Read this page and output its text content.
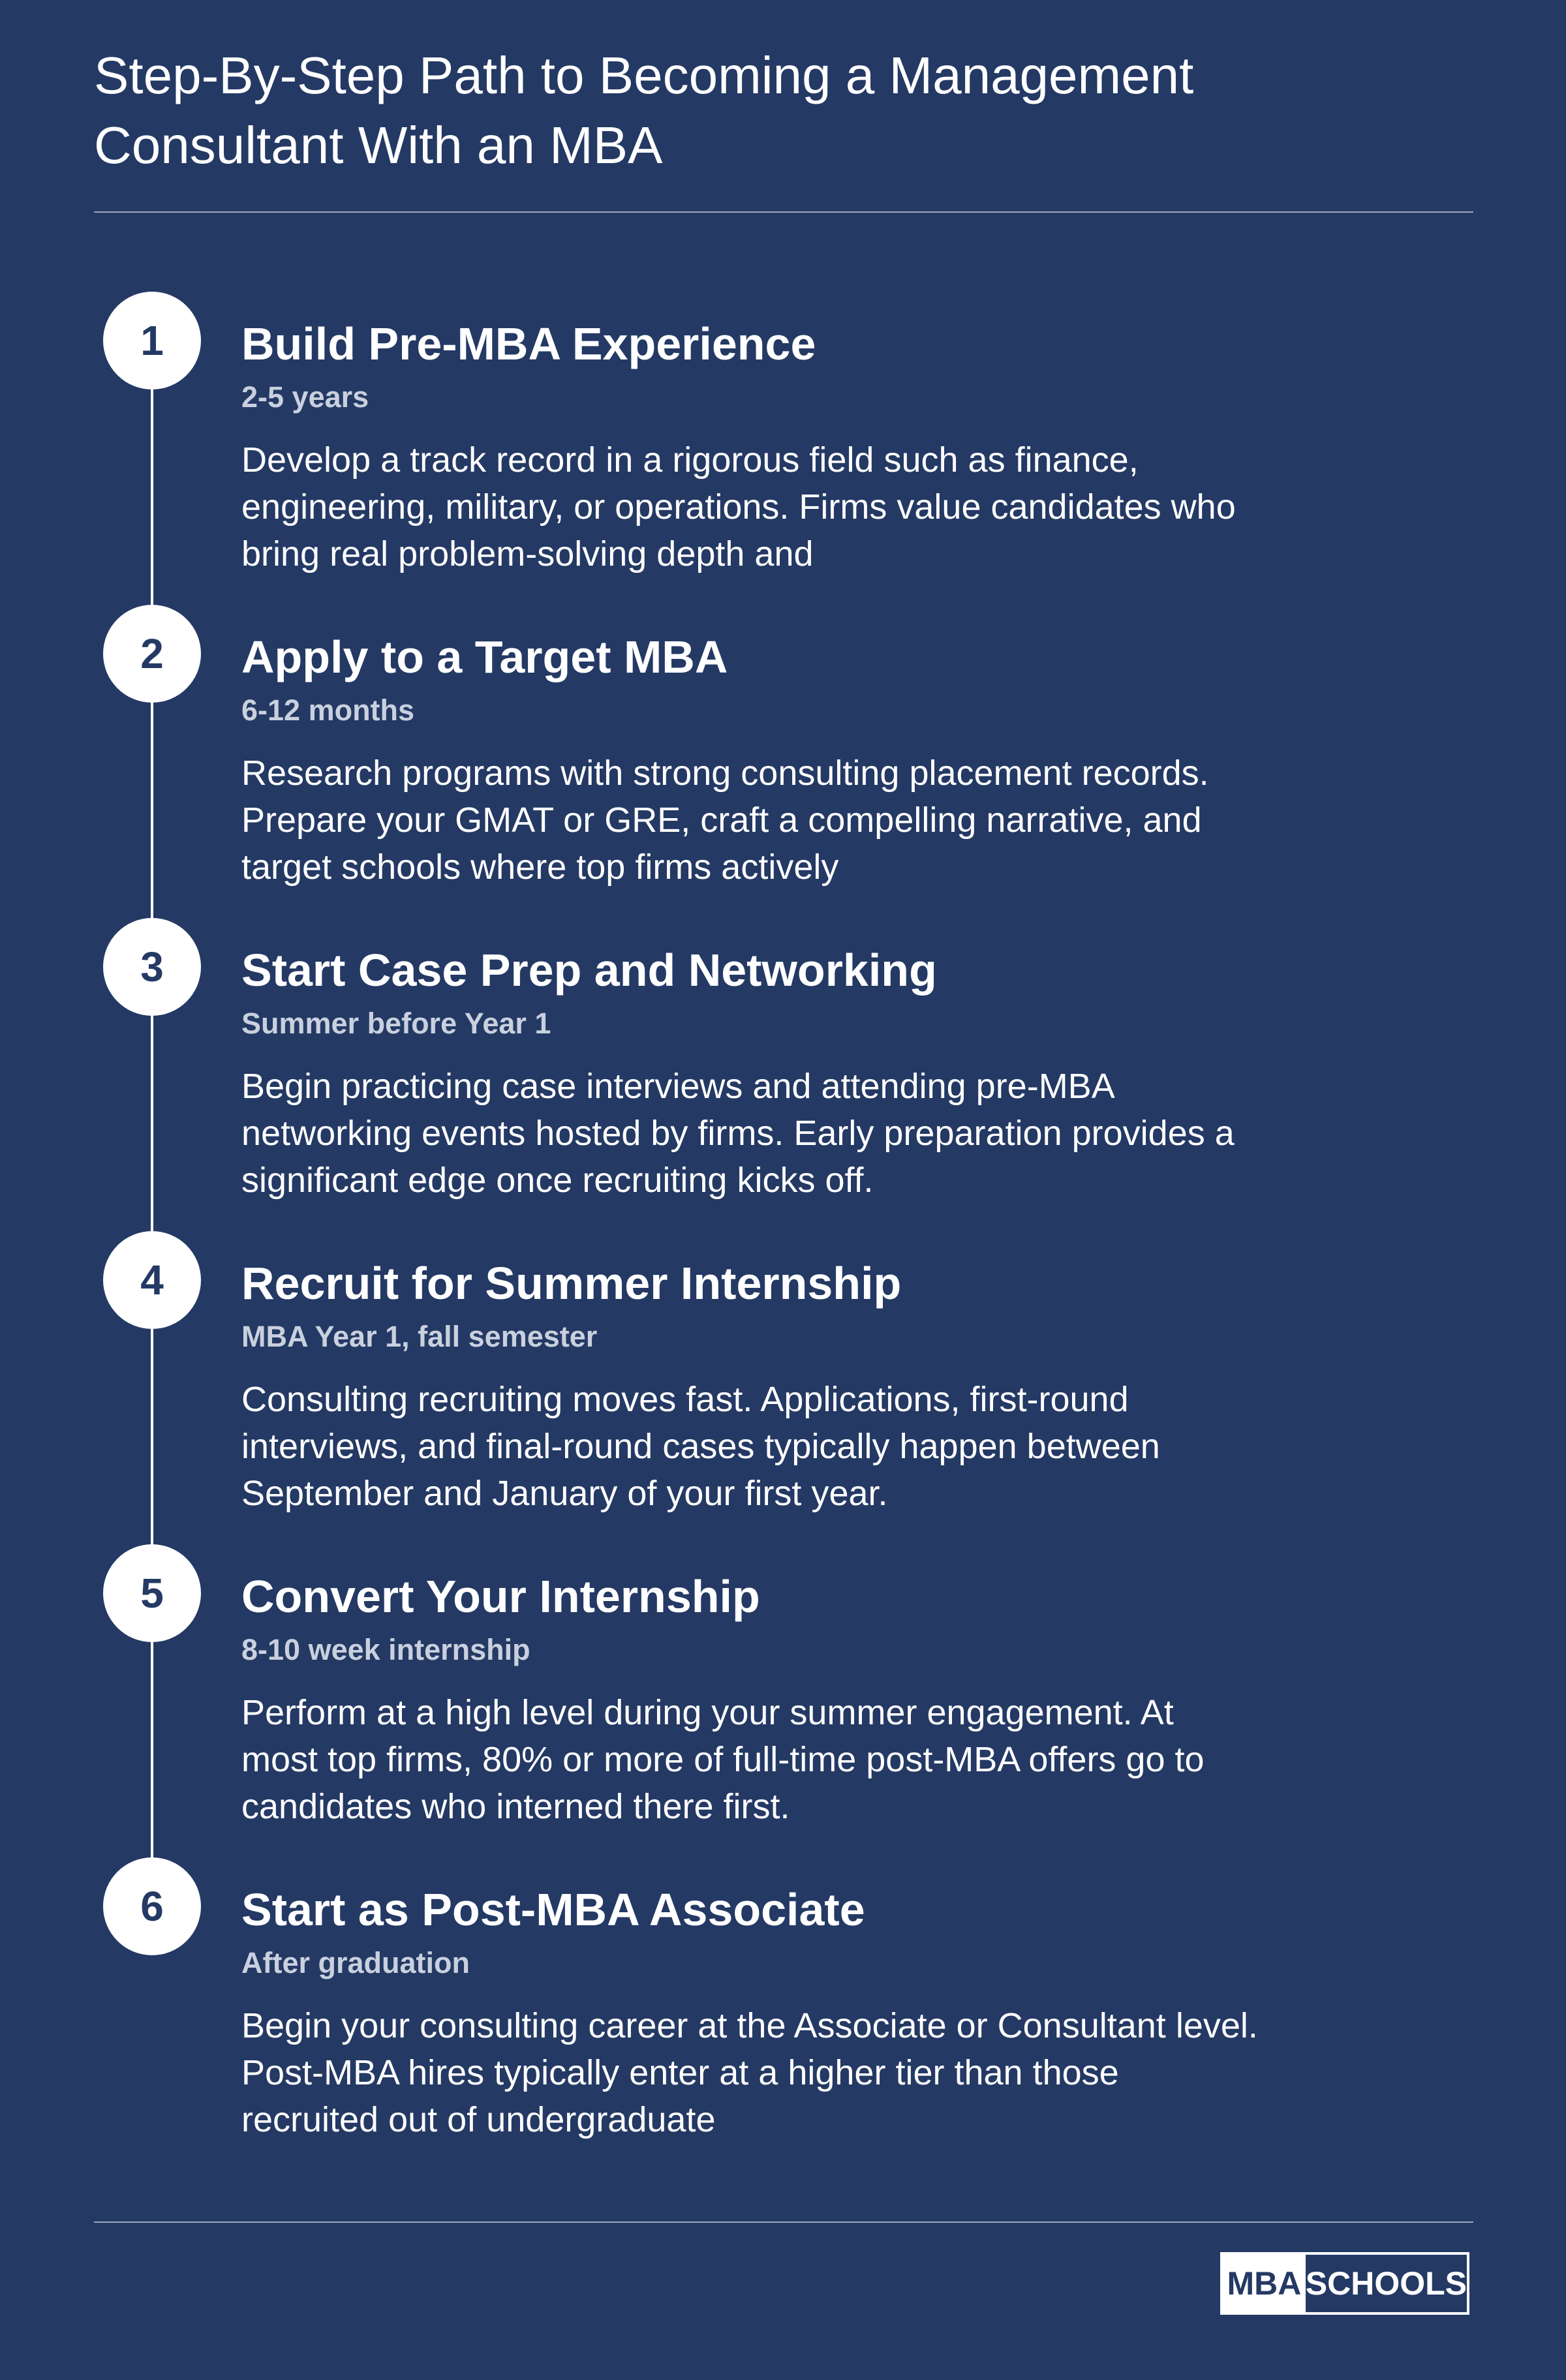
Step-By-Step Path to Becoming a Management
Consultant With an MBA
1	Build Pre-MBA Experience
2-5 years
Develop a track record in a rigorous field such as finance, engineering, military, or operations. Firms value candidates who bring real problem-solving depth and
2	Apply to a Target MBA
6-12 months
Research programs with strong consulting placement records. Prepare your GMAT or GRE, craft a compelling narrative, and target schools where top firms actively
3	Start Case Prep and Networking
Summer before Year 1
Begin practicing case interviews and attending pre-MBA networking events hosted by firms. Early preparation provides a significant edge once recruiting kicks off.
4	Recruit for Summer Internship
MBA Year 1, fall semester
Consulting recruiting moves fast. Applications, first-round interviews, and final-round cases typically happen between September and January of your first year.
5	Convert Your Internship
8-10 week internship
Perform at a high level during your summer engagement. At most top firms, 80% or more of full-time post-MBA offers go to candidates who interned there first.
6	Start as Post-MBA Associate
After graduation
Begin your consulting career at the Associate or Consultant level. Post-MBA hires typically enter at a higher tier than those recruited out of undergraduate
MBA SCHOOLS
